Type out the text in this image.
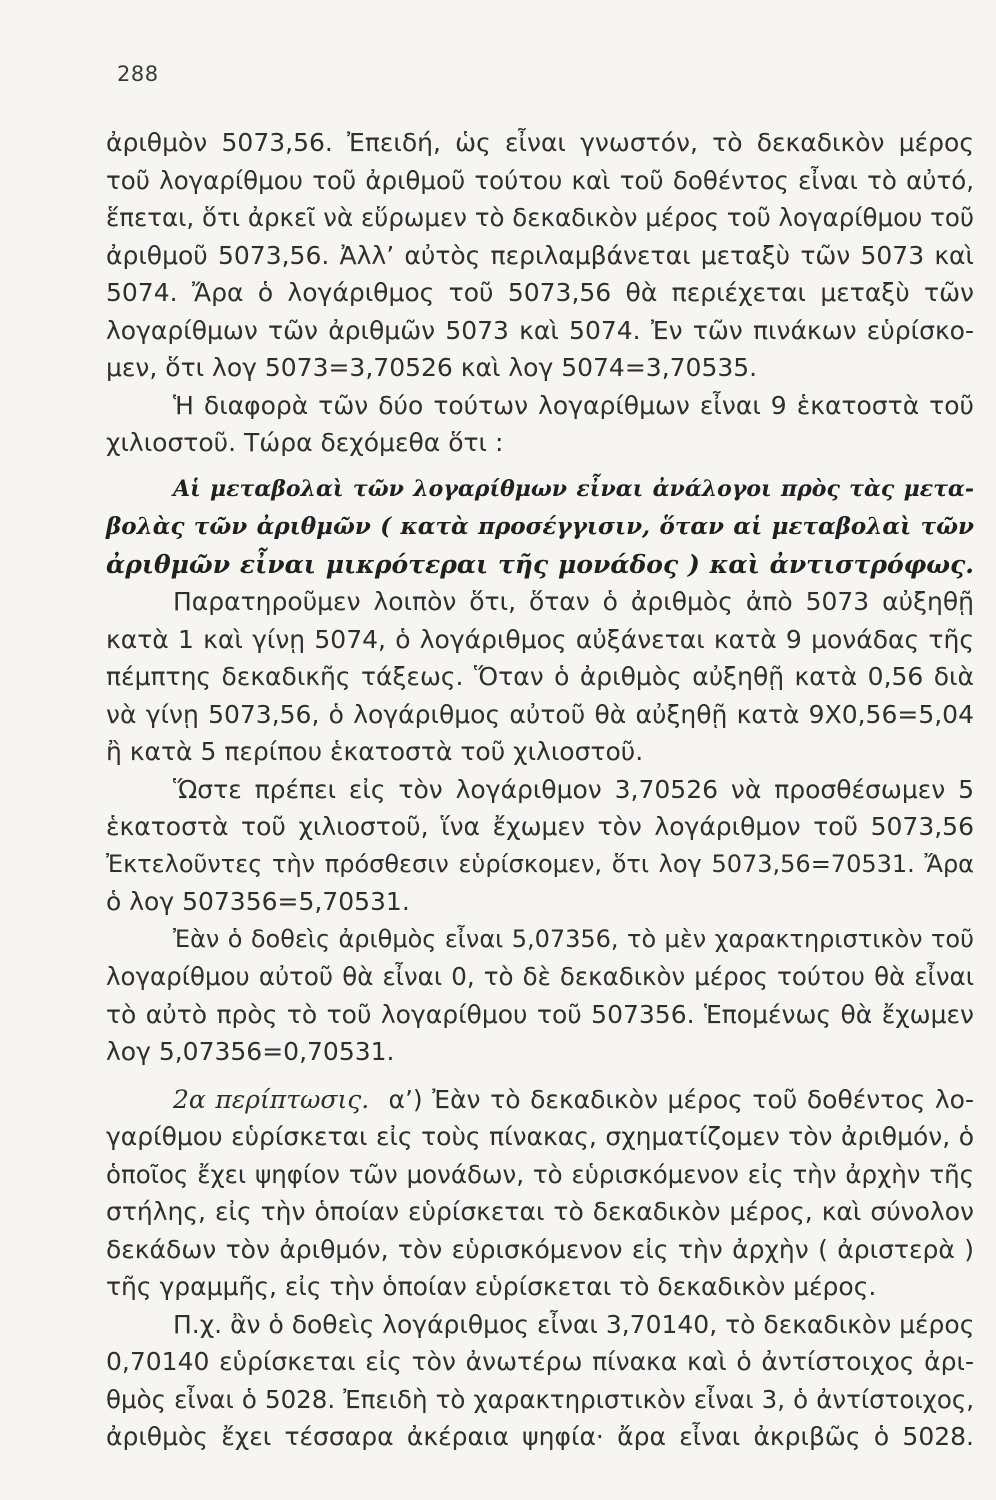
288
ἀριθμὸν 5073,56. Ἐπειδή, ὡς εἶναι γνωστόν, τὸ δεκαδικὸν μέρος
τοῦ λογαρίθμου τοῦ ἀριθμοῦ τούτου καὶ τοῦ δοθέντος εἶναι τὸ αὐτό,
ἕπεται, ὅτι ἀρκεῖ νὰ εὕρωμεν τὸ δεκαδικὸν μέρος τοῦ λογαρίθμου τοῦ
ἀριθμοῦ 5073,56. Ἀλλ’ αὐτὸς περιλαμβάνεται μεταξὺ τῶν 5073 καὶ
5074. Ἄρα ὁ λογάριθμος τοῦ 5073,56 θὰ περιέχεται μεταξὺ τῶν
λογαρίθμων τῶν ἀριθμῶν 5073 καὶ 5074. Ἐν τῶν πινάκων εὑρίσκο-
μεν, ὅτι λογ 5073=3,70526 καὶ λογ 5074=3,70535.
Ἡ διαφορὰ τῶν δύο τούτων λογαρίθμων εἶναι 9 ἑκατοστὰ τοῦ
χιλιοστοῦ. Τώρα δεχόμεθα ὅτι :
Αἱ μεταβολαὶ τῶν λογαρίθμων εἶναι ἀνάλογοι πρὸς τὰς μετα-
βολὰς τῶν ἀριθμῶν ( κατὰ προσέγγισιν, ὅταν αἱ μεταβολαὶ τῶν
ἀριθμῶν εἶναι μικρότεραι τῆς μονάδος ) καὶ ἀντιστρόφως.
Παρατηροῦμεν λοιπὸν ὅτι, ὅταν ὁ ἀριθμὸς ἀπὸ 5073 αὐξηθῇ
κατὰ 1 καὶ γίνῃ 5074, ὁ λογάριθμος αὐξάνεται κατὰ 9 μονάδας τῆς
πέμπτης δεκαδικῆς τάξεως. Ὅταν ὁ ἀριθμὸς αὐξηθῇ κατὰ 0,56 διὰ
νὰ γίνῃ 5073,56, ὁ λογάριθμος αὐτοῦ θὰ αὐξηθῇ κατὰ 9Χ0,56=5,04
ἢ κατὰ 5 περίπου ἑκατοστὰ τοῦ χιλιοστοῦ.
Ὥστε πρέπει εἰς τὸν λογάριθμον 3,70526 νὰ προσθέσωμεν 5
ἑκατοστὰ τοῦ χιλιοστοῦ, ἵνα ἔχωμεν τὸν λογάριθμον τοῦ 5073,56
Ἐκτελοῦντες τὴν πρόσθεσιν εὑρίσκομεν, ὅτι λογ 5073,56=70531. Ἄρα
ὁ λογ 507356=5,70531.
Ἐὰν ὁ δοθεὶς ἀριθμὸς εἶναι 5,07356, τὸ μὲν χαρακτηριστικὸν τοῦ
λογαρίθμου αὐτοῦ θὰ εἶναι 0, τὸ δὲ δεκαδικὸν μέρος τούτου θὰ εἶναι
τὸ αὐτὸ πρὸς τὸ τοῦ λογαρίθμου τοῦ 507356. Ἑπομένως θὰ ἔχωμεν
λογ 5,07356=0,70531.
2α περίπτωσις. α’) Ἐὰν τὸ δεκαδικὸν μέρος τοῦ δοθέντος λο-
γαρίθμου εὑρίσκεται εἰς τοὺς πίνακας, σχηματίζομεν τὸν ἀριθμόν, ὁ
ὁποῖος ἔχει ψηφίον τῶν μονάδων, τὸ εὑρισκόμενον εἰς τὴν ἀρχὴν τῆς
στήλης, εἰς τὴν ὁποίαν εὑρίσκεται τὸ δεκαδικὸν μέρος, καὶ σύνολον
δεκάδων τὸν ἀριθμόν, τὸν εὑρισκόμενον εἰς τὴν ἀρχὴν ( ἀριστερὰ )
τῆς γραμμῆς, εἰς τὴν ὁποίαν εὑρίσκεται τὸ δεκαδικὸν μέρος.
Π.χ. ἂν ὁ δοθεὶς λογάριθμος εἶναι 3,70140, τὸ δεκαδικὸν μέρος
0,70140 εὑρίσκεται εἰς τὸν ἀνωτέρω πίνακα καὶ ὁ ἀντίστοιχος ἀρι-
θμὸς εἶναι ὁ 5028. Ἐπειδὴ τὸ χαρακτηριστικὸν εἶναι 3, ὁ ἀντίστοιχος,
ἀριθμὸς ἔχει τέσσαρα ἀκέραια ψηφία· ἄρα εἶναι ἀκριβῶς ὁ 5028.
